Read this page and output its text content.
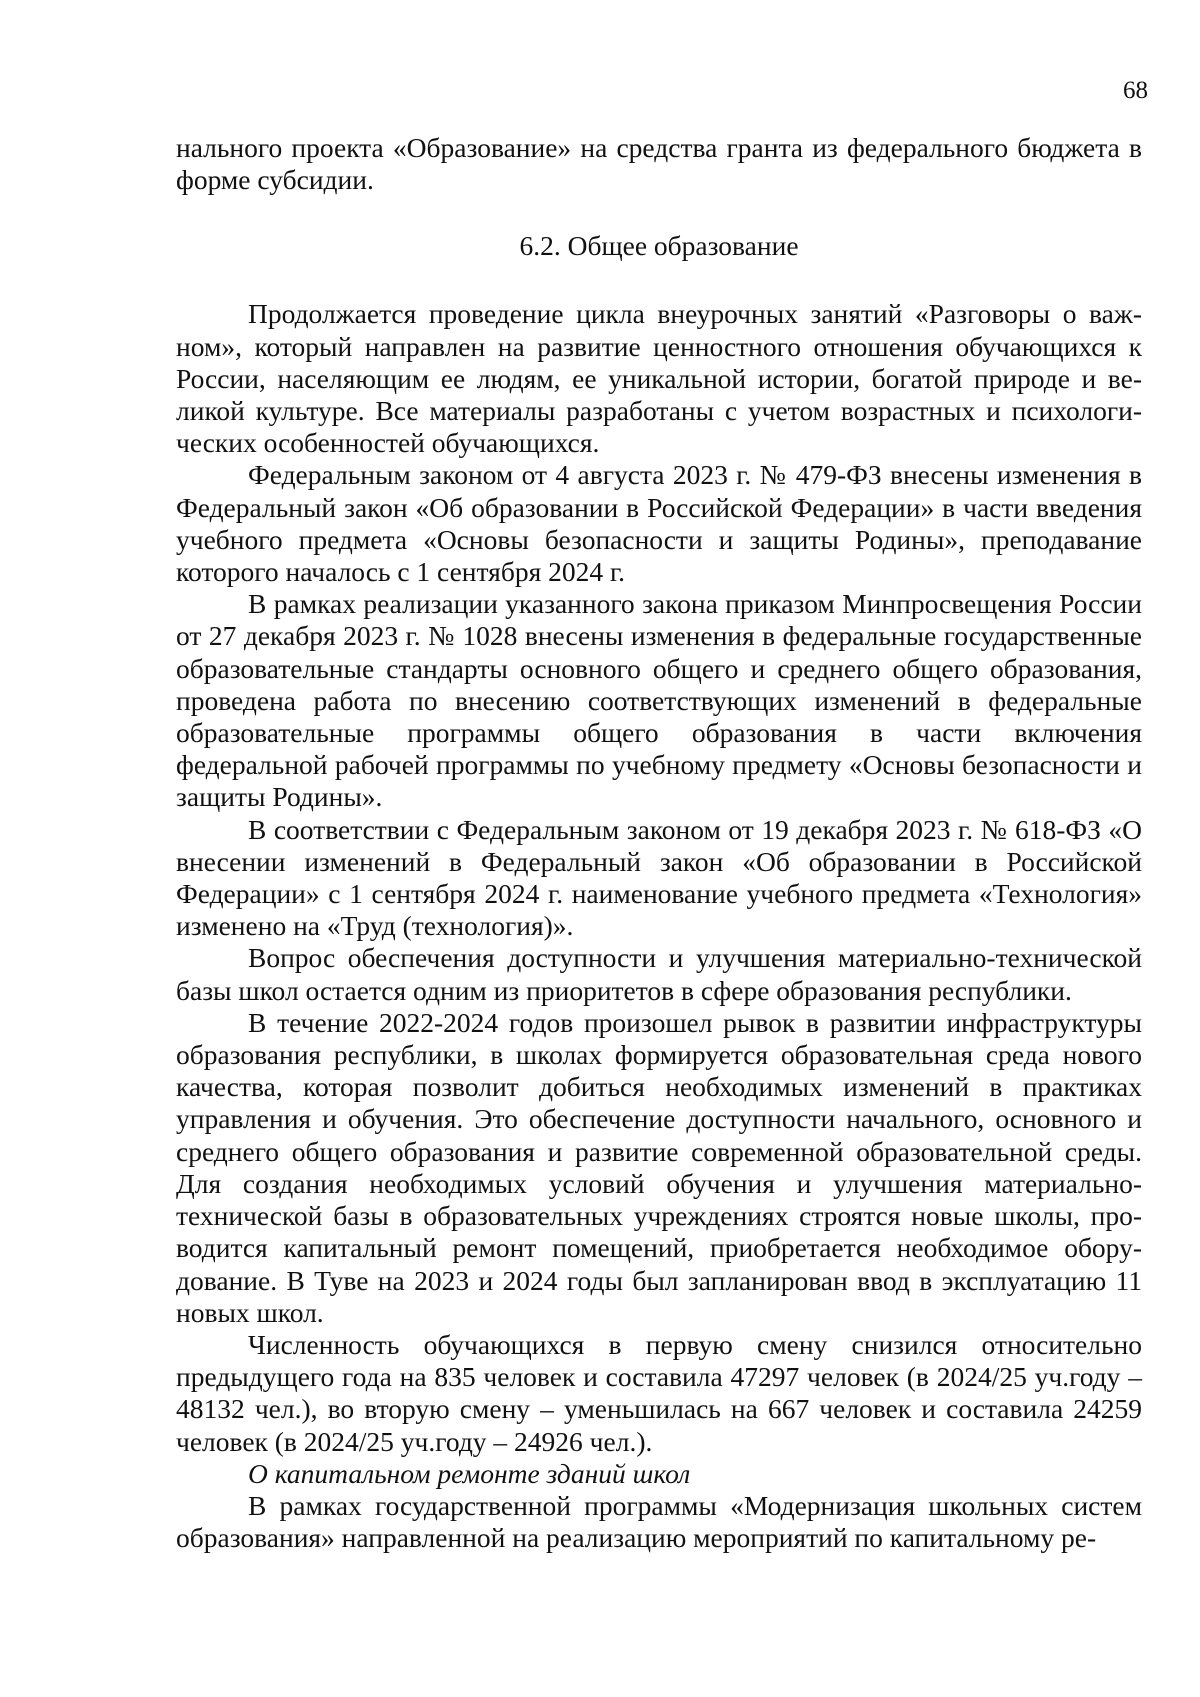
68

нального проекта «Образование» на средства гранта из федерального бюджета в форме субсидии.

6.2. Общее образование

Продолжается проведение цикла внеурочных занятий «Разговоры о важном», который направлен на развитие ценностного отношения обучающихся к России, населяющим ее людям, ее уникальной истории, богатой природе и великой культуре. Все материалы разработаны с учетом возрастных и психологических особенностей обучающихся.

Федеральным законом от 4 августа 2023 г. № 479-ФЗ внесены изменения в Федеральный закон «Об образовании в Российской Федерации» в части введения учебного предмета «Основы безопасности и защиты Родины», преподавание которого началось с 1 сентября 2024 г.

В рамках реализации указанного закона приказом Минпросвещения России от 27 декабря 2023 г. № 1028 внесены изменения в федеральные государственные образовательные стандарты основного общего и среднего общего образования, проведена работа по внесению соответствующих изменений в федеральные образовательные программы общего образования в части включения федеральной рабочей программы по учебному предмету «Основы безопасности и защиты Родины».

В соответствии с Федеральным законом от 19 декабря 2023 г. № 618-ФЗ «О внесении изменений в Федеральный закон «Об образовании в Российской Федерации» с 1 сентября 2024 г. наименование учебного предмета «Технология» изменено на «Труд (технология)».

Вопрос обеспечения доступности и улучшения материально-технической базы школ остается одним из приоритетов в сфере образования республики.

В течение 2022-2024 годов произошел рывок в развитии инфраструктуры образования республики, в школах формируется образовательная среда нового качества, которая позволит добиться необходимых изменений в практиках управления и обучения. Это обеспечение доступности начального, основного и среднего общего образования и развитие современной образовательной среды. Для создания необходимых условий обучения и улучшения материально-технической базы в образовательных учреждениях строятся новые школы, проводится капитальный ремонт помещений, приобретается необходимое оборудование. В Туве на 2023 и 2024 годы был запланирован ввод в эксплуатацию 11 новых школ.

Численность обучающихся в первую смену снизился относительно предыдущего года на 835 человек и составила 47297 человек (в 2024/25 уч.году – 48132 чел.), во вторую смену – уменьшилась на 667 человек и составила 24259 человек (в 2024/25 уч.году – 24926 чел.).

О капитальном ремонте зданий школ

В рамках государственной программы «Модернизация школьных систем образования» направленной на реализацию мероприятий по капитальному ре-
